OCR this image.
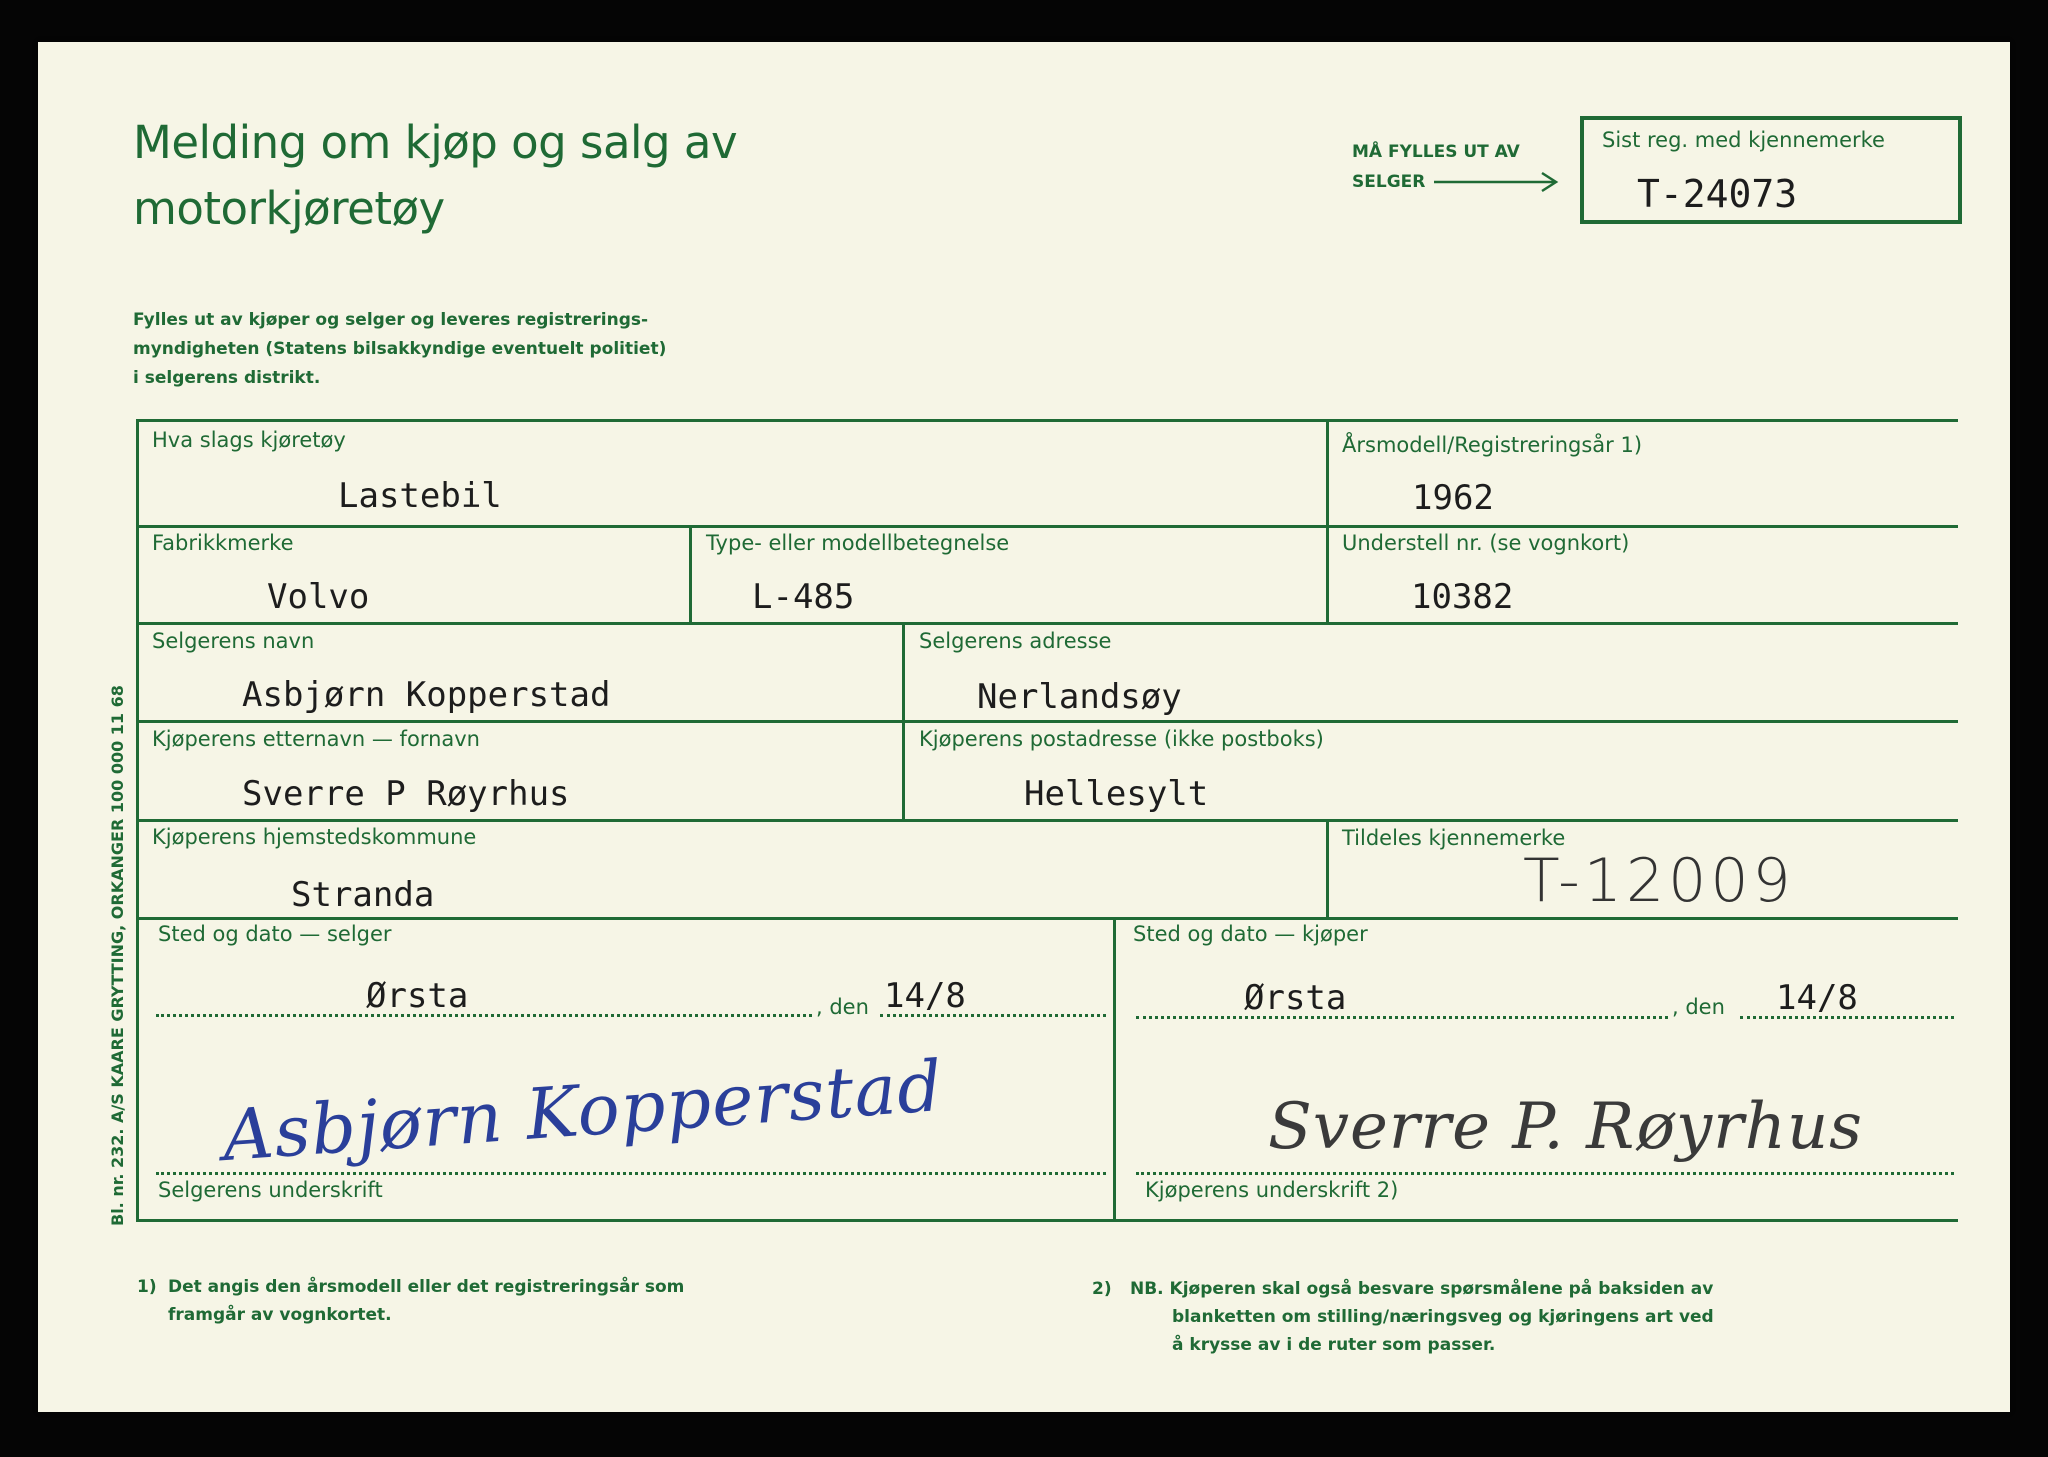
Melding om kjøp og salg av
motorkjøretøy
Fylles ut av kjøper og selger og leveres registrerings-
myndigheten (Statens bilsakkyndige eventuelt politiet)
i selgerens distrikt.
MÅ FYLLES UT AV
SELGER
Sist reg. med kjennemerke
T-24073
Bl. nr. 232. A/S KAARE GRYTTING, ORKANGER 100 000 11 68
Hva slags kjøretøy
Lastebil
Årsmodell/Registreringsår 1)
1962
Fabrikkmerke
Volvo
Type- eller modellbetegnelse
L-485
Understell nr. (se vognkort)
10382
Selgerens navn
Asbjørn Kopperstad
Selgerens adresse
Nerlandsøy
Kjøperens etternavn — fornavn
Sverre P Røyrhus
Kjøperens postadresse (ikke postboks)
Hellesylt
Kjøperens hjemstedskommune
Stranda
Tildeles kjennemerke
T-12009
Sted og dato — selger
Ørsta	, den 14/8
Sted og dato — kjøper
Ørsta	, den 14/8
Selgerens underskrift
Asbjørn Kopperstad
Kjøperens underskrift 2)
Sverre P. Røyrhus
1) Det angis den årsmodell eller det registreringsår som
framgår av vognkortet.
2) NB. Kjøperen skal også besvare spørsmålene på baksiden av
blanketten om stilling/næringsveg og kjøringens art ved
å krysse av i de ruter som passer.
